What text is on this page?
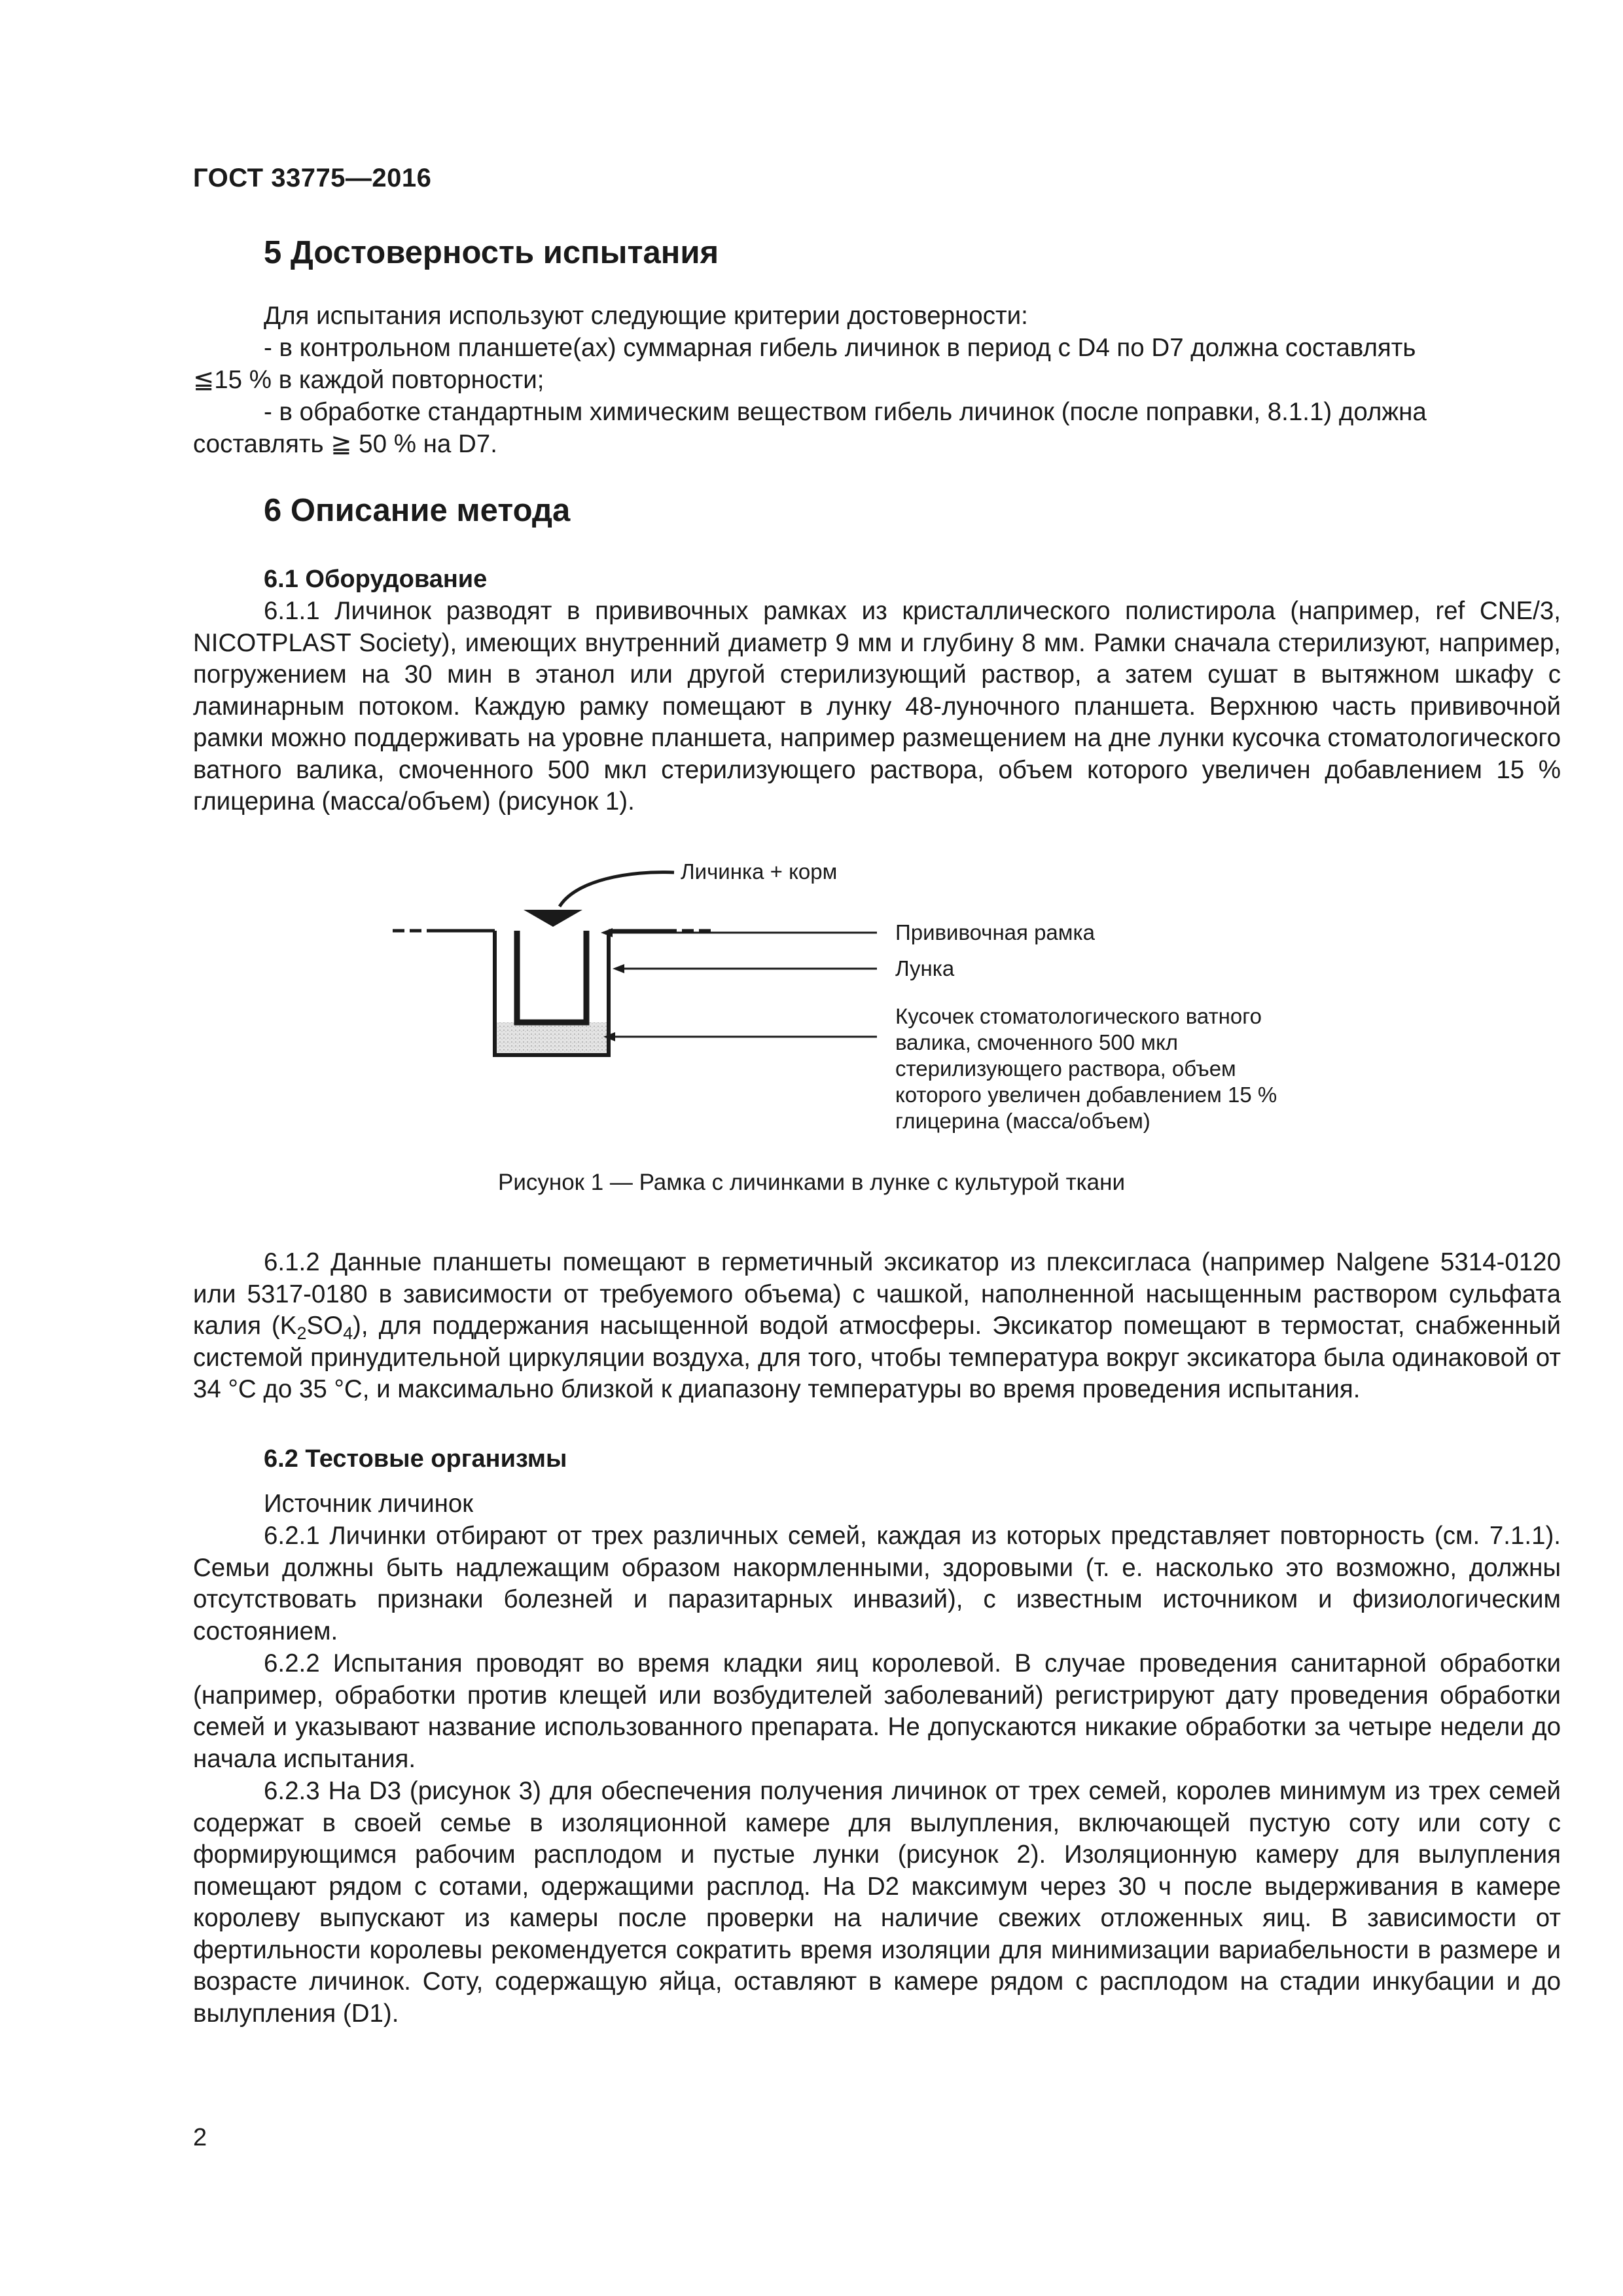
ГОСТ 33775—2016
5 Достоверность испытания
Для испытания используют следующие критерии достоверности:
- в контрольном планшете(ах) суммарная гибель личинок в период с D4 по D7 должна составлять
≦15 % в каждой повторности;
- в обработке стандартным химическим веществом гибель личинок (после поправки, 8.1.1) должна
составлять ≧ 50 % на D7.
6 Описание метода
6.1 Оборудование

6.1.1 Личинок разводят в прививочных рамках из кристаллического полистирола (например, ref CNE/3, NICOTPLAST Society), имеющих внутренний диаметр 9 мм и глубину 8 мм. Рамки сначала стерилизуют, например, погружением на 30 мин в этанол или другой стерилизующий раствор, а затем сушат в вытяжном шкафу с ламинарным потоком. Каждую рамку помещают в лунку 48-луночного планшета. Верхнюю часть прививочной рамки можно поддерживать на уровне планшета, например размещением на дне лунки кусочка стоматологического ватного валика, смоченного 500 мкл стерилизующего раствора, объем которого увеличен добавлением 15 % глицерина (масса/объем) (рисунок 1).

Личинка + корм
Прививочная рамка
Лунка
Кусочек стоматологического ватного
валика, смоченного 500 мкл
стерилизующего раствора, объем
которого увеличен добавлением 15 %
глицерина (масса/объем)
Рисунок 1 — Рамка с личинками в лунке с культурой ткани

6.1.2 Данные планшеты помещают в герметичный эксикатор из плексигласа (например Nalgene 5314-0120 или 5317-0180 в зависимости от требуемого объема) с чашкой, наполненной насыщенным раствором сульфата калия $(K_2SO_4)$, для поддержания насыщенной водой атмосферы. Эксикатор помещают в термостат, снабженный системой принудительной циркуляции воздуха, для того, чтобы температура вокруг эксикатора была одинаковой от 34 °С до 35 °С, и максимально близкой к диапазону температуры во время проведения испытания.

6.2 Тестовые организмы
Источник личинок

6.2.1 Личинки отбирают от трех различных семей, каждая из которых представляет повторность (см. 7.1.1). Семьи должны быть надлежащим образом накормленными, здоровыми (т. е. насколько это возможно, должны отсутствовать признаки болезней и паразитарных инвазий), с известным источником и физиологическим состоянием.

6.2.2 Испытания проводят во время кладки яиц королевой. В случае проведения санитарной обработки (например, обработки против клещей или возбудителей заболеваний) регистрируют дату проведения обработки семей и указывают название использованного препарата. Не допускаются никакие обработки за четыре недели до начала испытания.

6.2.3 На D3 (рисунок 3) для обеспечения получения личинок от трех семей, королев минимум из трех семей содержат в своей семье в изоляционной камере для вылупления, включающей пустую соту или соту с формирующимся рабочим расплодом и пустые лунки (рисунок 2). Изоляционную камеру для вылупления помещают рядом с сотами, одержащими расплод. На D2 максимум через 30 ч после выдерживания в камере королеву выпускают из камеры после проверки на наличие свежих отложенных яиц. В зависимости от фертильности королевы рекомендуется сократить время изоляции для минимизации вариабельности в размере и возрасте личинок. Соту, содержащую яйца, оставляют в камере рядом с расплодом на стадии инкубации и до вылупления (D1).

2
